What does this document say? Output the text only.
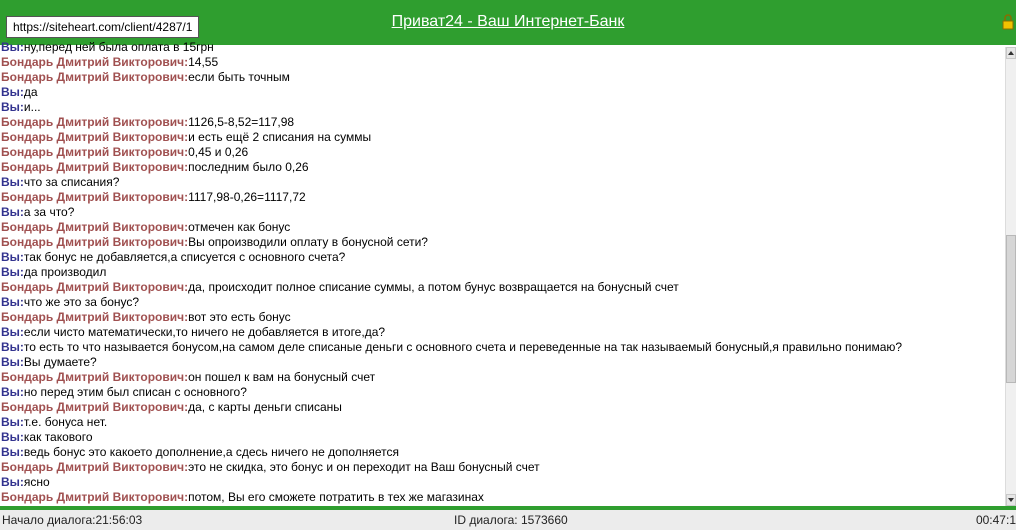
Приват24 - Ваш Интернет-Банк
https://siteheart.com/client/4287/1
Вы:ну,перед ней была оплата в 15грн
Бондарь Дмитрий Викторович:14,55
Бондарь Дмитрий Викторович:если быть точным
Вы:да
Вы:и...
Бондарь Дмитрий Викторович:1126,5-8,52=117,98
Бондарь Дмитрий Викторович:и есть ещё 2 списания на суммы
Бондарь Дмитрий Викторович:0,45 и 0,26
Бондарь Дмитрий Викторович:последним было 0,26
Вы:что за списания?
Бондарь Дмитрий Викторович:1117,98-0,26=1117,72
Вы:а за что?
Бондарь Дмитрий Викторович:отмечен как бонус
Бондарь Дмитрий Викторович:Вы опроизводили оплату в бонусной сети?
Вы:так бонус не добавляется,а списуется с основного счета?
Вы:да производил
Бондарь Дмитрий Викторович:да, происходит полное списание суммы, а потом бунус возвращается на бонусный счет
Вы:что же это за бонус?
Бондарь Дмитрий Викторович:вот это есть бонус
Вы:если чисто математически,то ничего не добавляется в итоге,да?
Вы:то есть то что называется бонусом,на самом деле списаные деньги с основного счета и переведенные на так называемый бонусный,я правильно понимаю?
Вы:Вы думаете?
Бондарь Дмитрий Викторович:он пошел к вам на бонусный счет
Вы:но перед этим был списан с основного?
Бондарь Дмитрий Викторович:да, с карты деньги списаны
Вы:т.е. бонуса нет.
Вы:как такового
Вы:ведь бонус это какоето дополнение,а сдесь ничего не дополняется
Бондарь Дмитрий Викторович:это не скидка, это бонус и он переходит на Ваш бонусный счет
Вы:ясно
Бондарь Дмитрий Викторович:потом, Вы его сможете потратить в тех же магазинах
Начало диалога:21:56:03	ID диалога: 1573660	00:47:1
